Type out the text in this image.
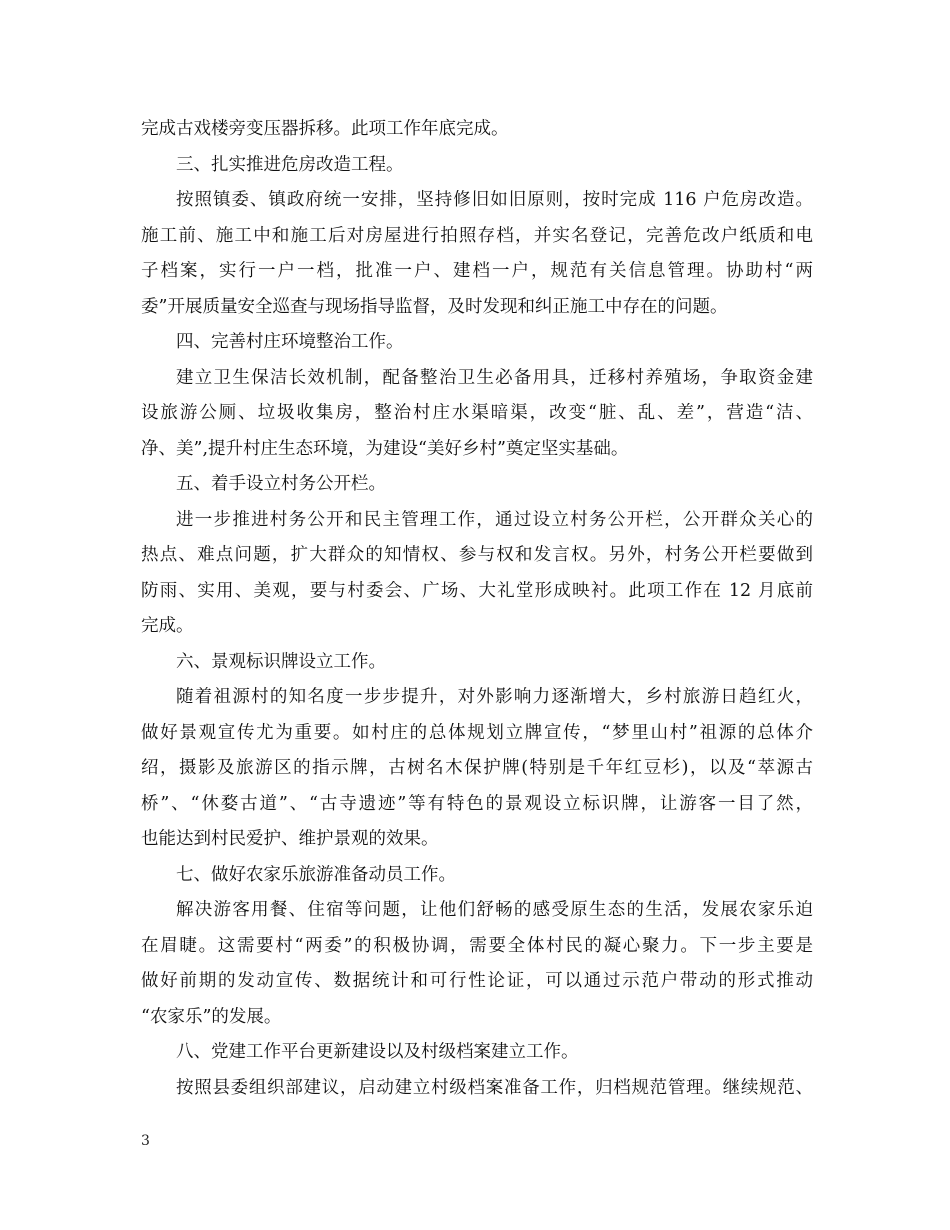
完成古戏楼旁变压器拆移。此项工作年底完成。
三、扎实推进危房改造工程。
按照镇委、镇政府统一安排，坚持修旧如旧原则，按时完成 116 户危房改造。
施工前、施工中和施工后对房屋进行拍照存档，并实名登记，完善危改户纸质和电
子档案，实行一户一档，批准一户、建档一户，规范有关信息管理。协助村“两
委”开展质量安全巡查与现场指导监督，及时发现和纠正施工中存在的问题。
四、完善村庄环境整治工作。
建立卫生保洁长效机制，配备整治卫生必备用具，迁移村养殖场，争取资金建
设旅游公厕、垃圾收集房，整治村庄水渠暗渠，改变“脏、乱、差”，营造“洁、
净、美”,提升村庄生态环境，为建设“美好乡村”奠定坚实基础。
五、着手设立村务公开栏。
进一步推进村务公开和民主管理工作，通过设立村务公开栏，公开群众关心的
热点、难点问题，扩大群众的知情权、参与权和发言权。另外，村务公开栏要做到
防雨、实用、美观，要与村委会、广场、大礼堂形成映衬。此项工作在 12 月底前
完成。
六、景观标识牌设立工作。
随着祖源村的知名度一步步提升，对外影响力逐渐增大，乡村旅游日趋红火，
做好景观宣传尤为重要。如村庄的总体规划立牌宣传，“梦里山村”祖源的总体介
绍，摄影及旅游区的指示牌，古树名木保护牌(特别是千年红豆杉)，以及“萃源古
桥”、“休婺古道”、“古寺遗迹”等有特色的景观设立标识牌，让游客一目了然，
也能达到村民爱护、维护景观的效果。
七、做好农家乐旅游准备动员工作。
解决游客用餐、住宿等问题，让他们舒畅的感受原生态的生活，发展农家乐迫
在眉睫。这需要村“两委”的积极协调，需要全体村民的凝心聚力。下一步主要是
做好前期的发动宣传、数据统计和可行性论证，可以通过示范户带动的形式推动
“农家乐”的发展。
八、党建工作平台更新建设以及村级档案建立工作。
按照县委组织部建议，启动建立村级档案准备工作，归档规范管理。继续规范、
3
